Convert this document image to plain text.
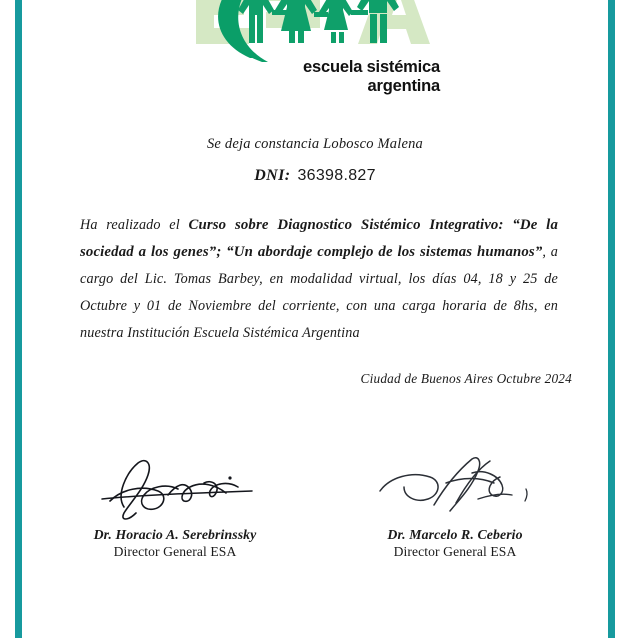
escuela sistémica
argentina
Se deja constancia Lobosco Malena
DNI: 36398.827
Ha realizado el Curso sobre Diagnostico Sistémico Integrativo: “De la sociedad a los genes”; “Un abordaje complejo de los sistemas humanos”, a cargo del Lic. Tomas Barbey, en modalidad virtual, los días 04, 18 y 25 de Octubre y 01 de Noviembre del corriente, con una carga horaria de 8hs, en nuestra Institución Escuela Sistémica Argentina
Ciudad de Buenos Aires Octubre 2024
Dr. Horacio A. Serebrinssky
Director General ESA
Dr. Marcelo R. Ceberio
Director General ESA
